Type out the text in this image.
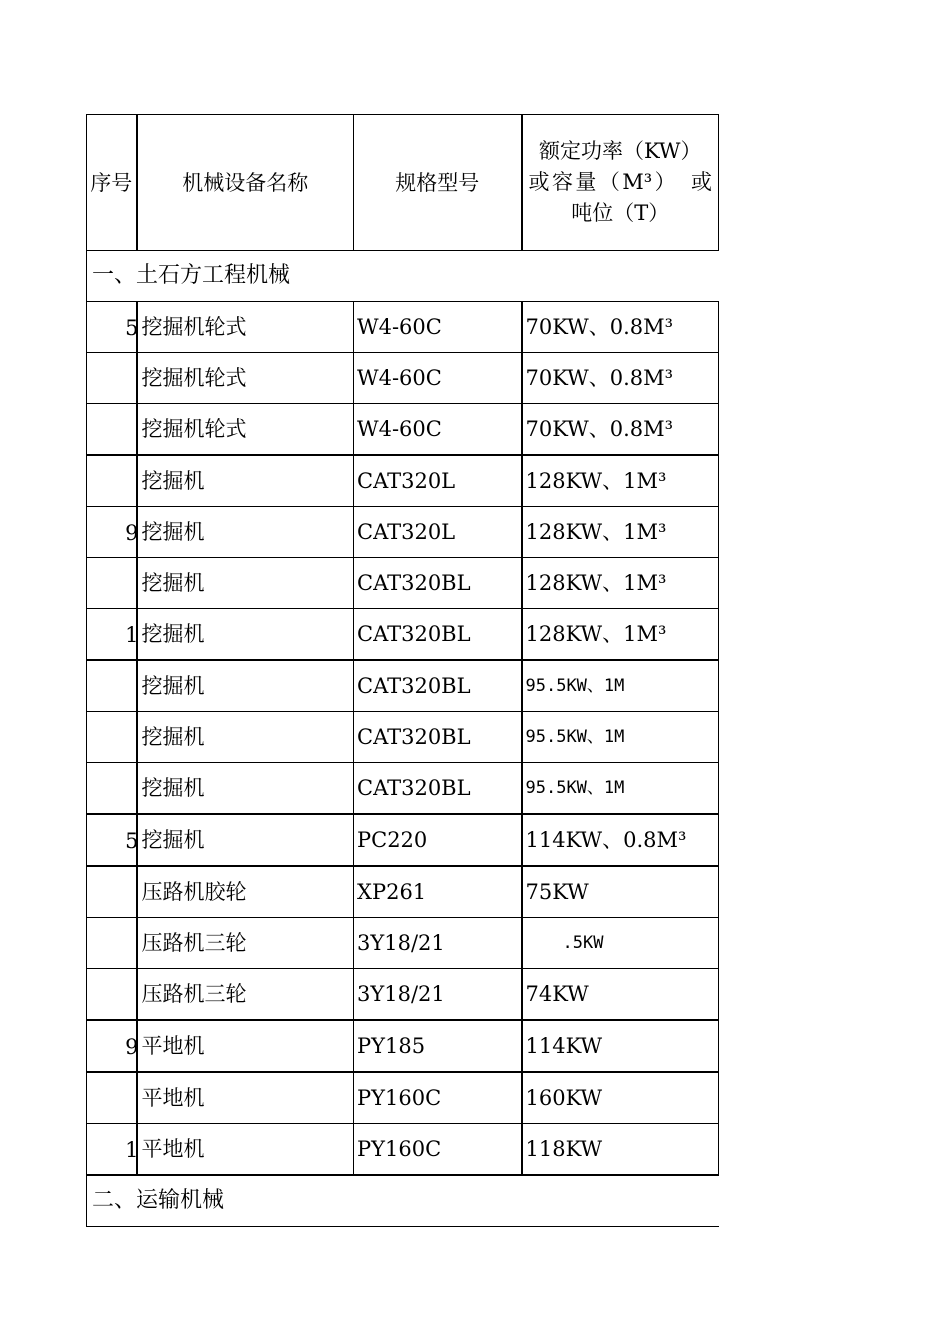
序号	机械设备名称	规格型号	额定功率（KW）
或容量（M³）　或
吨位（T）

一、土石方工程机械			

5	挖掘机轮式	W4-60C	70KW、0.8M³

	挖掘机轮式	W4-60C	70KW、0.8M³

	挖掘机轮式	W4-60C	70KW、0.8M³

	挖掘机	CAT320L	128KW、1M³

9	挖掘机	CAT320L	128KW、1M³

	挖掘机	CAT320BL	128KW、1M³

1	挖掘机	CAT320BL	128KW、1M³

	挖掘机	CAT320BL	95.5KW、1M

	挖掘机	CAT320BL	95.5KW、1M

	挖掘机	CAT320BL	95.5KW、1M

5	挖掘机	PC220	114KW、0.8M³

	压路机胶轮	XP261	75KW

	压路机三轮	3Y18/21	.5KW

	压路机三轮	3Y18/21	74KW

9	平地机	PY185	114KW

	平地机	PY160C	160KW

1	平地机	PY160C	118KW
二、运输机械			
